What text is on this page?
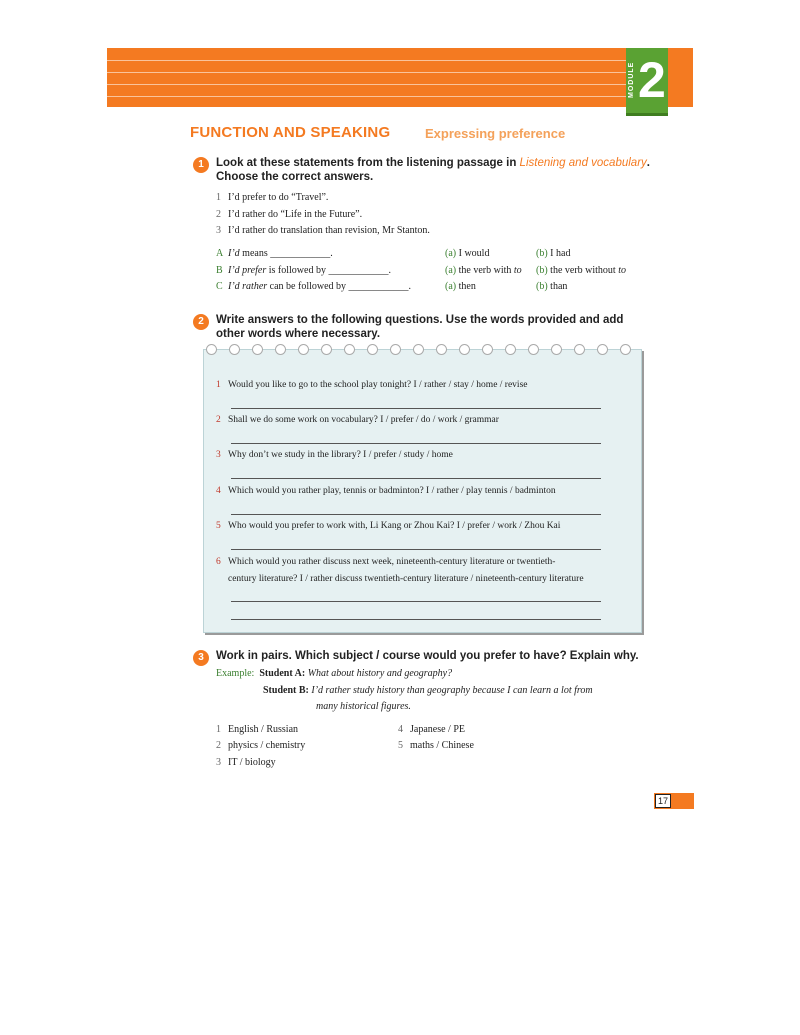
MODULE 2
FUNCTION AND SPEAKING	Expressing preference
1	Look at these statements from the listening passage in Listening and vocabulary.
Choose the correct answers.
1 I’d prefer to do “Travel”.
2 I’d rather do “Life in the Future”.
3 I’d rather do translation than revision, Mr Stanton.
A I’d means ____________.	(a) I would	(b) I had
B I’d prefer is followed by ____________.	(a) the verb with to (b) the verb without to
C I’d rather can be followed by ____________.	(a) then	(b) than
2	Write answers to the following questions. Use the words provided and add
other words where necessary.
1 Would you like to go to the school play tonight? I / rather / stay / home / revise
2 Shall we do some work on vocabulary? I / prefer / do / work / grammar
3 Why don’t we study in the library? I / prefer / study / home
4 Which would you rather play, tennis or badminton? I / rather / play tennis / badminton
5 Who would you prefer to work with, Li Kang or Zhou Kai? I / prefer / work / Zhou Kai
6 Which would you rather discuss next week, nineteenth-century literature or twentieth-
century literature? I / rather discuss twentieth-century literature / nineteenth-century literature
3	Work in pairs. Which subject / course would you prefer to have? Explain why.
Example: Student A: What about history and geography?
Student B: I’d rather study history than geography because I can learn a lot from
many historical figures.
1 English / Russian
2 physics / chemistry
3 IT / biology
4 Japanese / PE
5 maths / Chinese
17
